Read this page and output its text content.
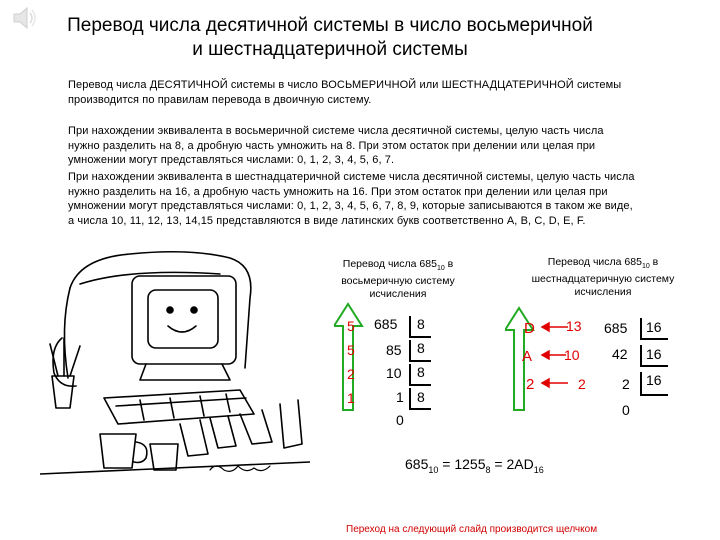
Перевод числа десятичной системы в число восьмеричной и шестнадцатеричной системы
Перевод числа ДЕСЯТИЧНОЙ системы в число ВОСЬМЕРИЧНОЙ или ШЕСТНАДЦАТЕРИЧНОЙ системы производится по правилам перевода в двоичную систему.
При нахождении эквивалента в восьмеричной системе числа десятичной системы, целую часть числа нужно разделить на 8, а дробную часть умножить на 8. При этом остаток при делении или целая при умножении могут представляться числами: 0, 1, 2, 3, 4, 5, 6, 7.
При нахождении эквивалента в шестнадцатеричной системе числа десятичной системы, целую часть числа нужно разделить на 16, а дробную часть умножить на 16. При этом остаток при делении или целая при умножении могут представляться числами: 0, 1, 2, 3, 4, 5, 6, 7, 8, 9, которые записываются в таком же виде, а числа 10, 11, 12, 13, 14,15 представляются в виде латинских букв соответственно A, B, C, D, E, F.
Перевод числа $685_{10}$ в восьмеричную систему исчисления
5
5
2
1
685 8
85 8
10 8
1 8
0
Перевод числа $685_{10}$ в шестнадцатеричную систему исчисления
D
A
2
13
10
2
685 16
42 16
2 16
0
$685_{10} = 1255_8 = 2AD_{16}$
Переход на следующий слайд производится щелчком
